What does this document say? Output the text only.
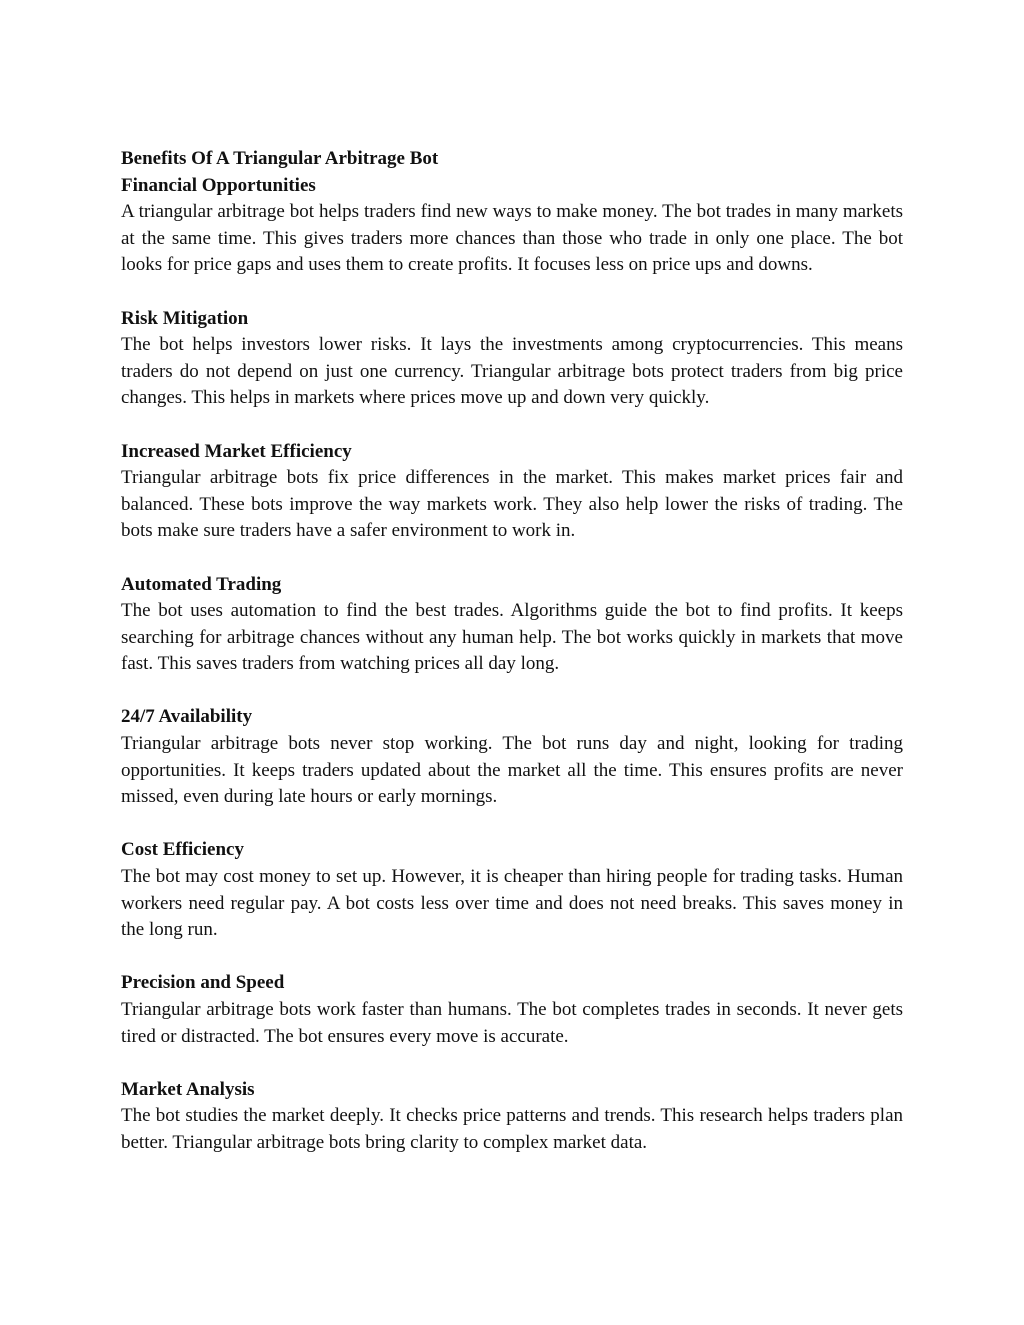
Benefits Of A Triangular Arbitrage Bot

Financial Opportunities

A triangular arbitrage bot helps traders find new ways to make money. The bot trades in many markets at the same time. This gives traders more chances than those who trade in only one place. The bot looks for price gaps and uses them to create profits. It focuses less on price ups and downs.

Risk Mitigation

The bot helps investors lower risks. It lays the investments among cryptocurrencies. This means traders do not depend on just one currency. Triangular arbitrage bots protect traders from big price changes. This helps in markets where prices move up and down very quickly.

Increased Market Efficiency

Triangular arbitrage bots fix price differences in the market. This makes market prices fair and balanced. These bots improve the way markets work. They also help lower the risks of trading. The bots make sure traders have a safer environment to work in.

Automated Trading

The bot uses automation to find the best trades. Algorithms guide the bot to find profits. It keeps searching for arbitrage chances without any human help. The bot works quickly in markets that move fast. This saves traders from watching prices all day long.

24/7 Availability

Triangular arbitrage bots never stop working. The bot runs day and night, looking for trading opportunities. It keeps traders updated about the market all the time. This ensures profits are never missed, even during late hours or early mornings.

Cost Efficiency

The bot may cost money to set up. However, it is cheaper than hiring people for trading tasks. Human workers need regular pay. A bot costs less over time and does not need breaks. This saves money in the long run.

Precision and Speed

Triangular arbitrage bots work faster than humans. The bot completes trades in seconds. It never gets tired or distracted. The bot ensures every move is accurate.

Market Analysis

The bot studies the market deeply. It checks price patterns and trends. This research helps traders plan better. Triangular arbitrage bots bring clarity to complex market data.
